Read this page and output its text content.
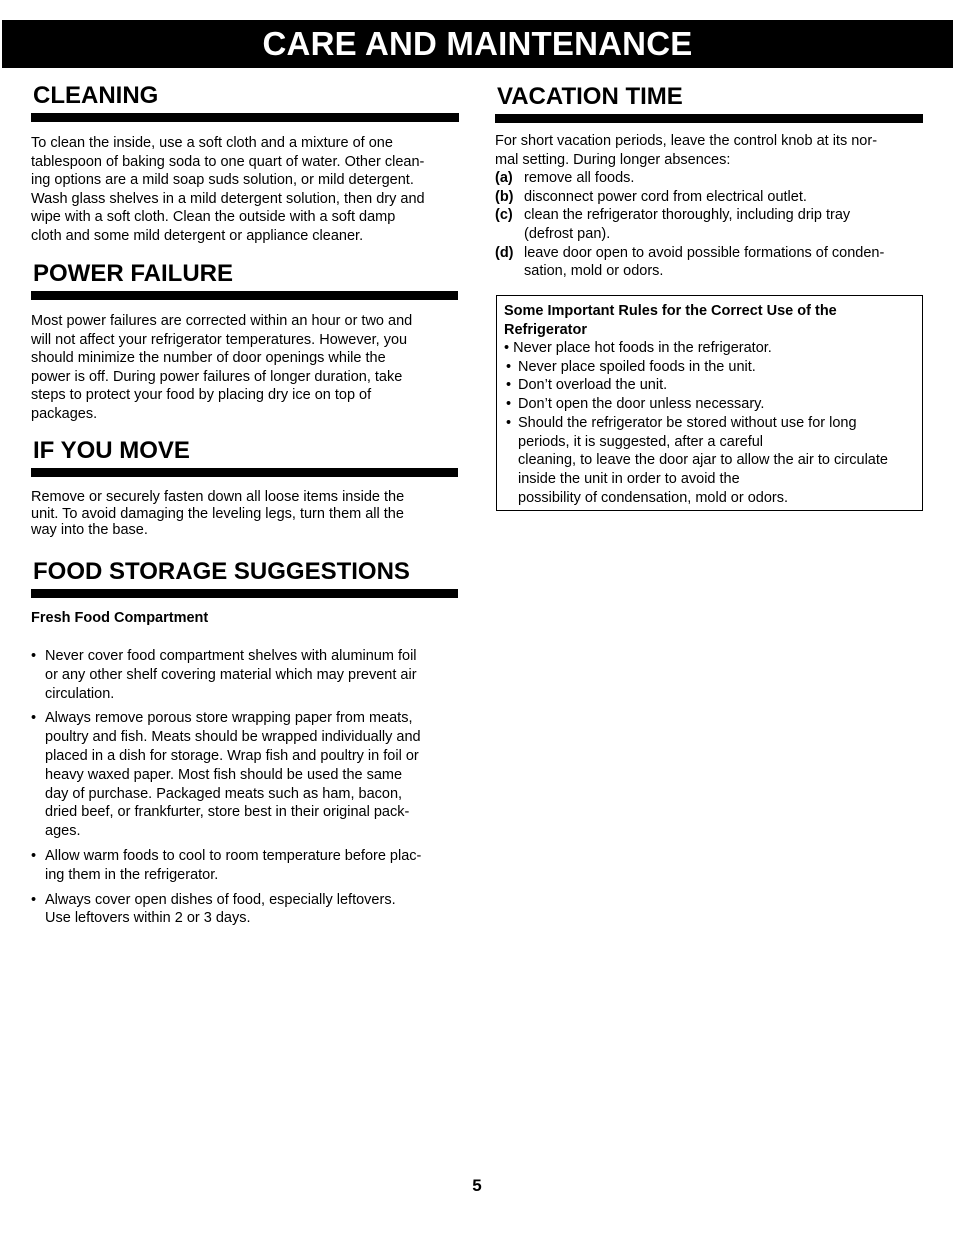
CARE AND MAINTENANCE
CLEANING
To clean the inside, use a soft cloth and a mixture of one
tablespoon of baking soda to one quart of water. Other clean-
ing options are a mild soap suds solution, or mild detergent.
Wash glass shelves in a mild detergent solution, then dry and
wipe with a soft cloth. Clean the outside with a soft damp
cloth and some mild detergent or appliance cleaner.
POWER FAILURE
Most power failures are corrected within an hour or two and
will not affect your refrigerator temperatures. However, you
should minimize the number of door openings while the
power is off. During power failures of longer duration, take
steps to protect your food by placing dry ice on top of
packages.
IF YOU MOVE
Remove or securely fasten down all loose items inside the
unit. To avoid damaging the leveling legs, turn them all the
way into the base.
FOOD STORAGE SUGGESTIONS
Fresh Food Compartment
• Never cover food compartment shelves with aluminum foil
or any other shelf covering material which may prevent air
circulation.
• Always remove porous store wrapping paper from meats,
poultry and fish. Meats should be wrapped individually and
placed in a dish for storage. Wrap fish and poultry in foil or
heavy waxed paper. Most fish should be used the same
day of purchase. Packaged meats such as ham, bacon,
dried beef, or frankfurter, store best in their original pack-
ages.
• Allow warm foods to cool to room temperature before plac-
ing them in the refrigerator.
• Always cover open dishes of food, especially leftovers.
Use leftovers within 2 or 3 days.
VACATION TIME
For short vacation periods, leave the control knob at its nor-
mal setting. During longer absences:
(a) remove all foods.
(b) disconnect power cord from electrical outlet.
(c) clean the refrigerator thoroughly, including drip tray
(defrost pan).
(d) leave door open to avoid possible formations of conden-
sation, mold or odors.
Some Important Rules for the Correct Use of the
Refrigerator
• Never place hot foods in the refrigerator.
• Never place spoiled foods in the unit.
• Don’t overload the unit.
• Don’t open the door unless necessary.
• Should the refrigerator be stored without use for long
periods, it is suggested, after a careful
cleaning, to leave the door ajar to allow the air to circulate
inside the unit in order to avoid the
possibility of condensation, mold or odors.
5
